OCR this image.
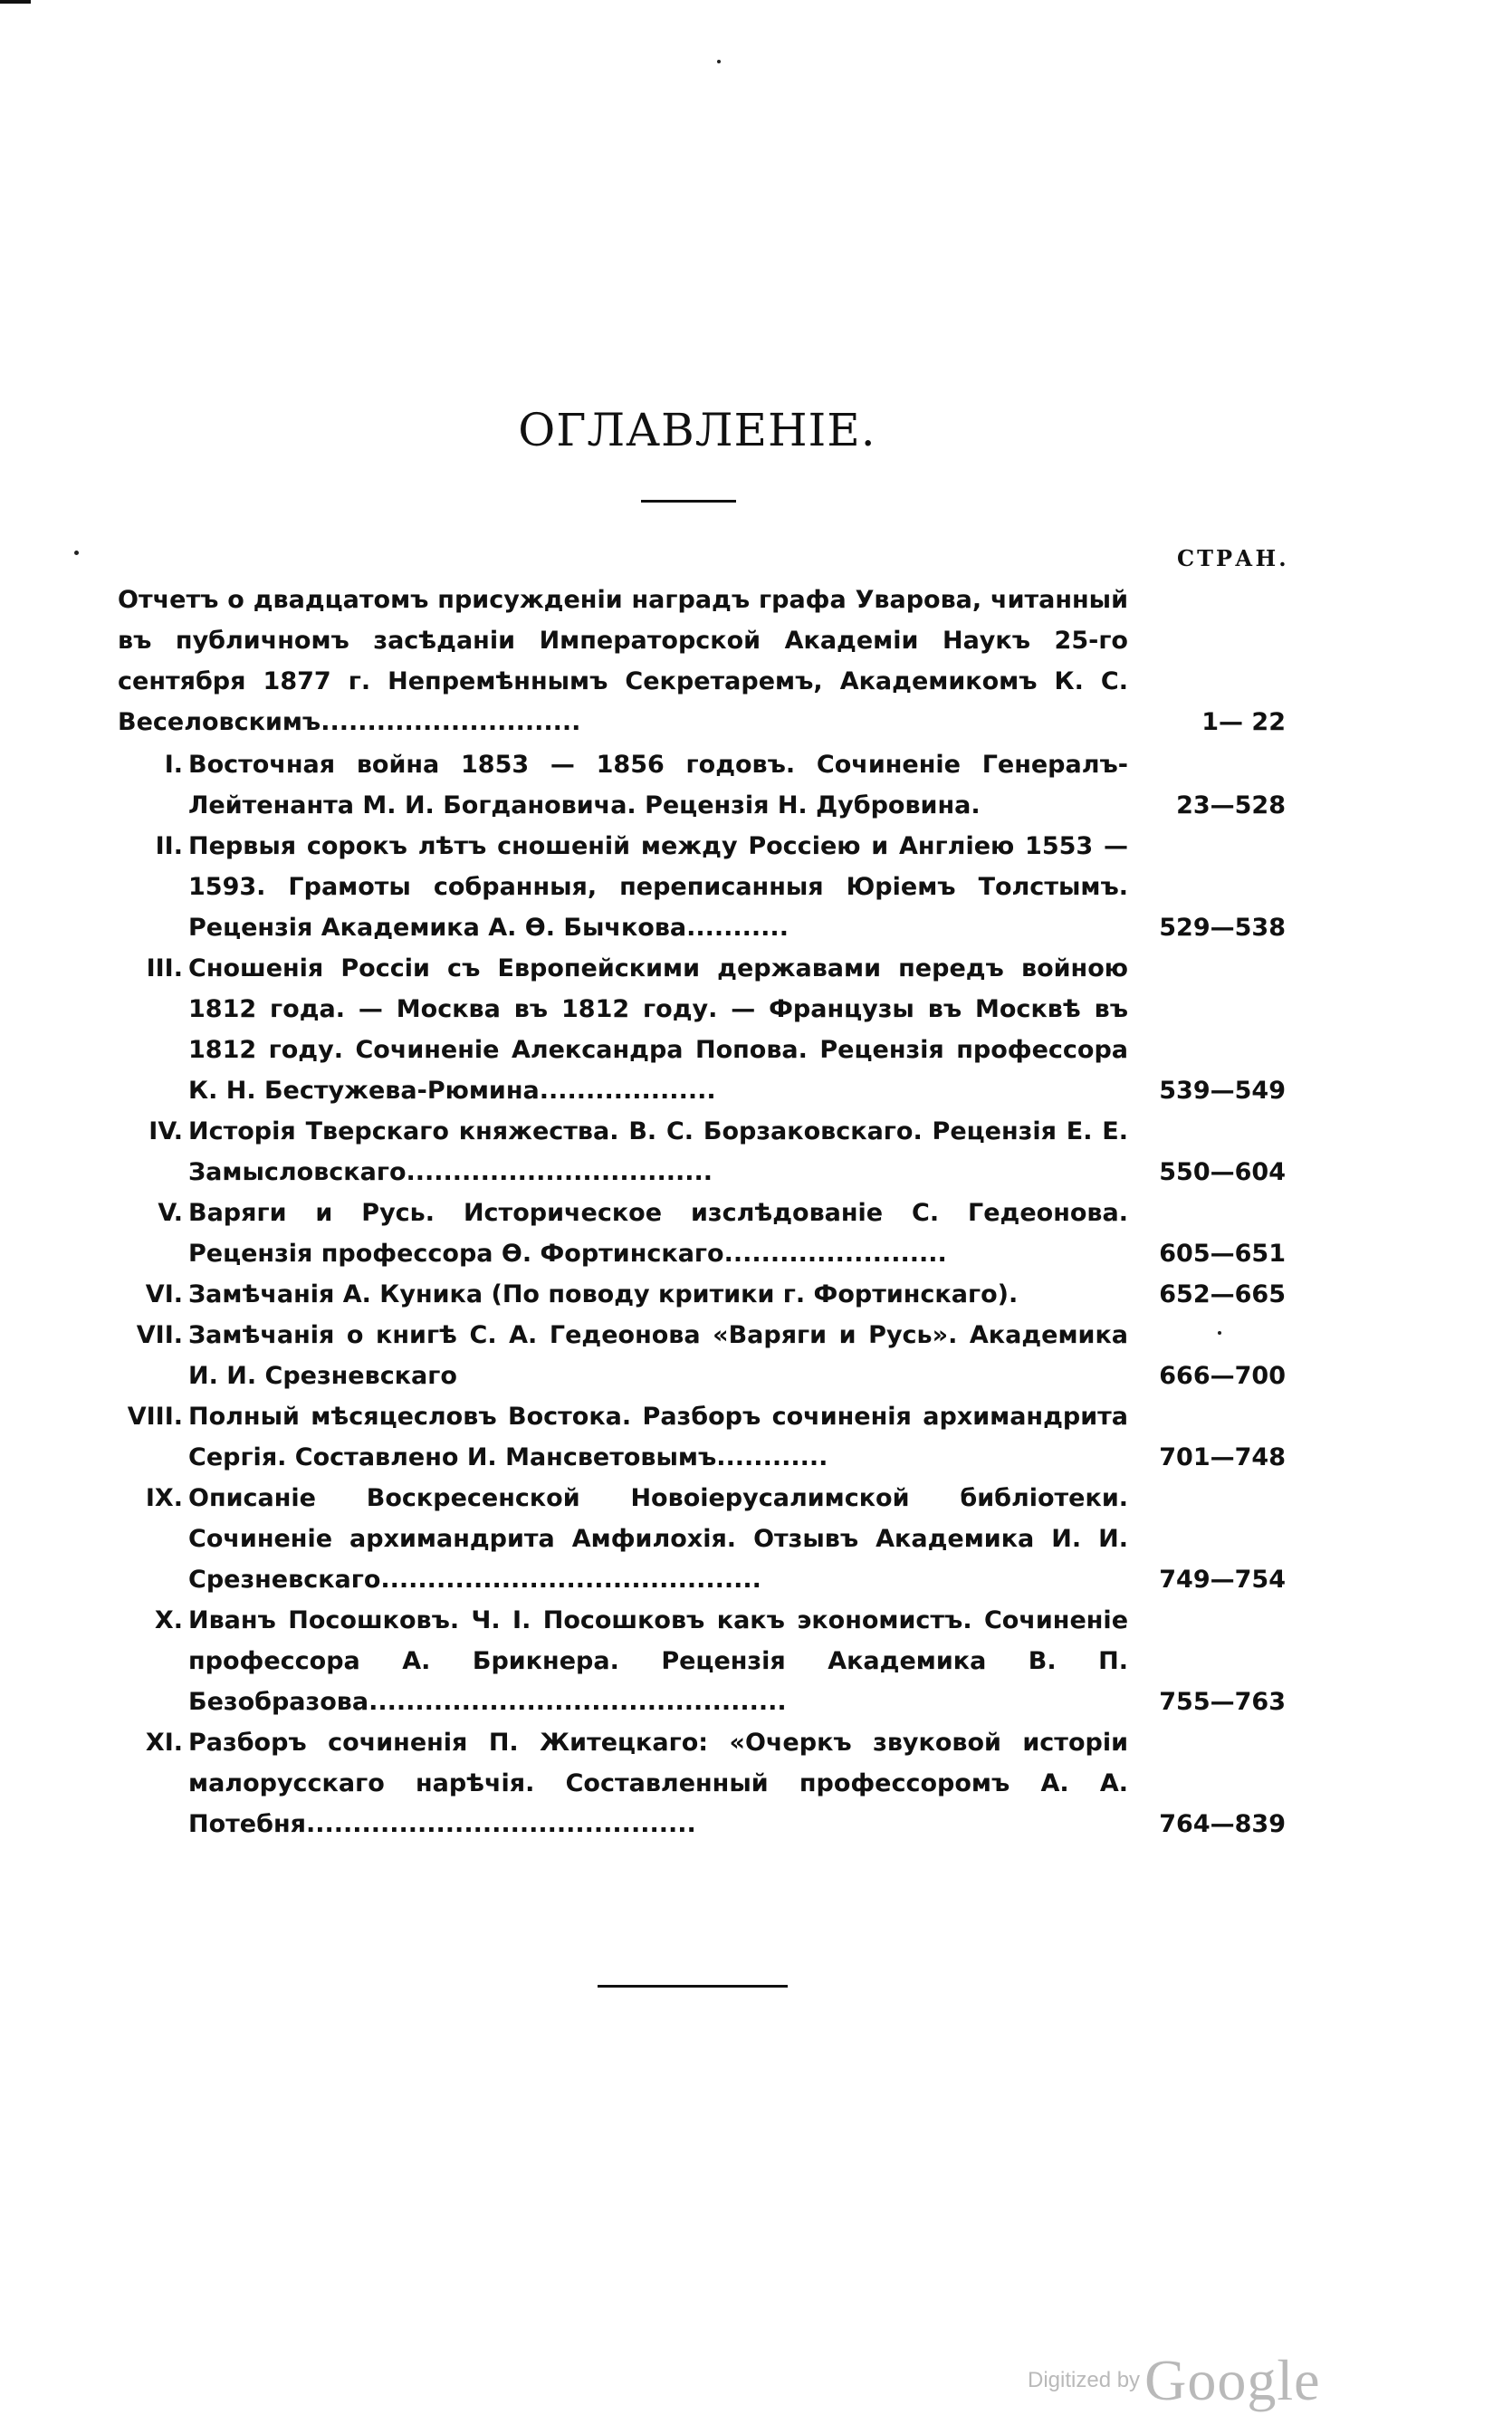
ОГЛАВЛЕНІЕ.
СТРАН.
Отчетъ о двадцатомъ присужденіи наградъ графа Уварова, читанный въ публичномъ засѣданіи Императорской Академіи Наукъ 25-го сентября 1877 г. Непремѣннымъ Секретаремъ, Академикомъ К. С. Веселовскимъ............................	1— 22
I. Восточная война 1853 — 1856 годовъ. Сочиненіе Генералъ-Лейтенанта М. И. Богдановича. Рецензія Н. Дубровина.	23—528
II. Первыя сорокъ лѣтъ сношеній между Россіею и Англіею 1553 — 1593. Грамоты собранныя, переписанныя Юріемъ Толстымъ. Рецензія Академика А. Ѳ. Бычкова...........	529—538
III. Сношенія Россіи съ Европейскими державами передъ войною 1812 года. — Москва въ 1812 году. — Французы въ Москвѣ въ 1812 году. Сочиненіе Александра Попова. Рецензія профессора К. Н. Бестужева-Рюмина...................	539—549
IV. Исторія Тверскаго княжества. В. С. Борзаковскаго. Рецензія Е. Е. Замысловскаго.................................	550—604
V. Варяги и Русь. Историческое изслѣдованіе С. Гедеонова. Рецензія профессора Ѳ. Фортинскаго........................	605—651
VI. Замѣчанія А. Куника (По поводу критики г. Фортинскаго).	652—665
VII. Замѣчанія о книгѣ С. А. Гедеонова «Варяги и Русь». Академика И. И. Срезневскаго	666—700
VIII. Полный мѣсяцесловъ Востока. Разборъ сочиненія архимандрита Сергія. Составлено И. Мансветовымъ............	701—748
IX. Описаніе Воскресенской Новоіерусалимской библіотеки. Сочиненіе архимандрита Амфилохія. Отзывъ Академика И. И. Срезневскаго.........................................	749—754
X. Иванъ Посошковъ. Ч. I. Посошковъ какъ экономистъ. Сочиненіе профессора А. Брикнера. Рецензія Академика В. П. Безобразова.............................................	755—763
XI. Разборъ сочиненія П. Житецкаго: «Очеркъ звуковой исторіи малорусскаго нарѣчія. Составленный профессоромъ А. А. Потебня..........................................	764—839
Digitized by Google
